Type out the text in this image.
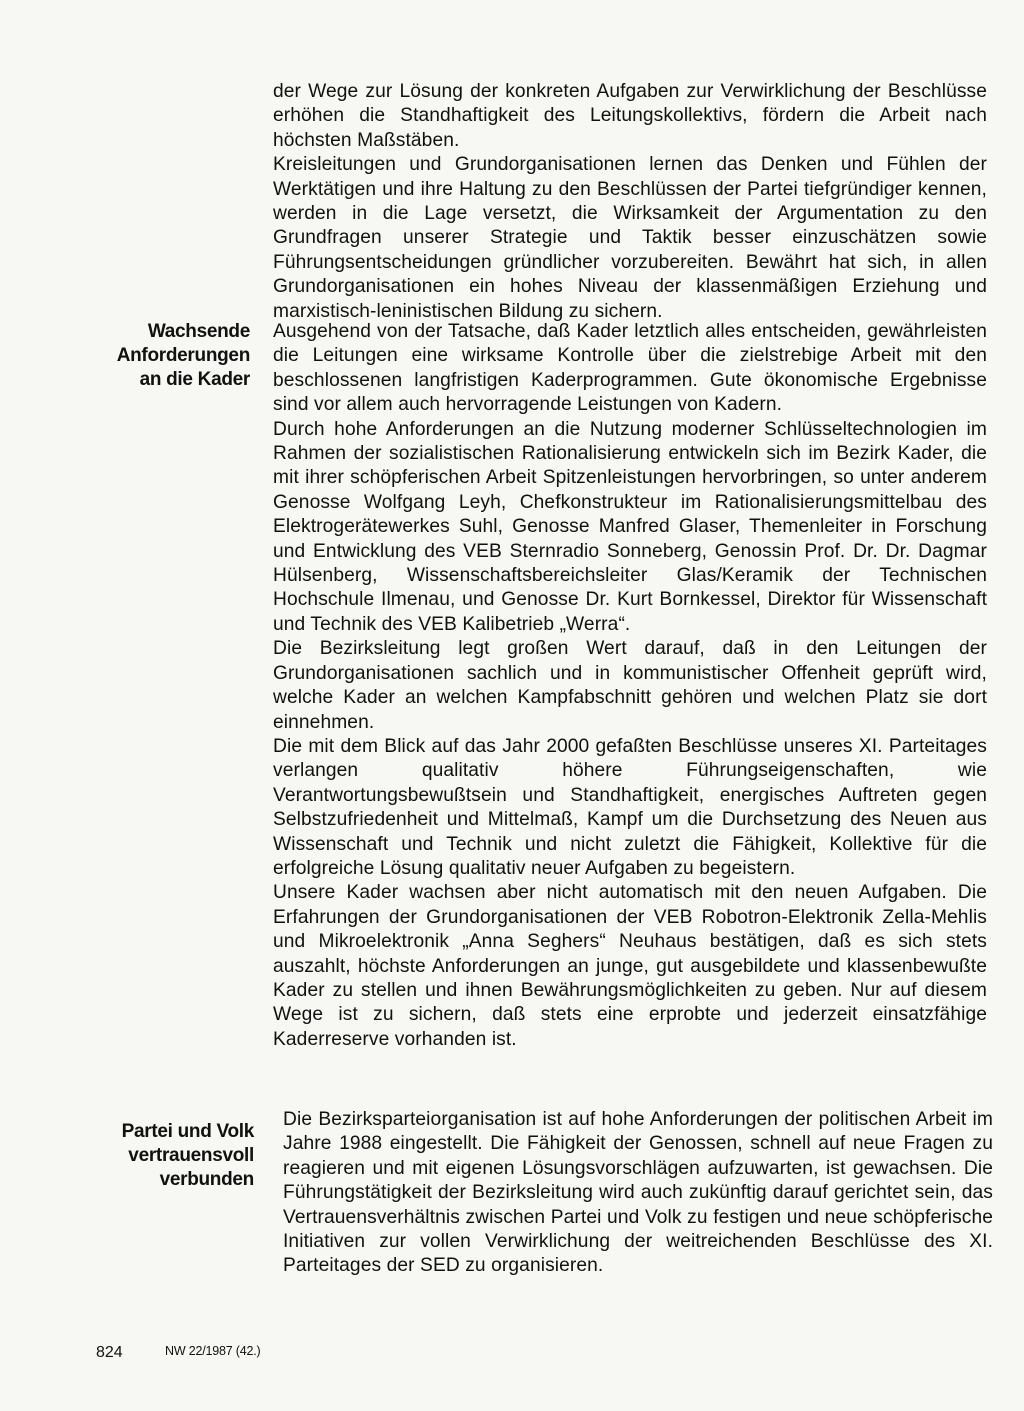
der Wege zur Lösung der konkreten Aufgaben zur Verwirklichung der Beschlüsse erhöhen die Standhaftigkeit des Leitungskollektivs, fördern die Arbeit nach höchsten Maßstäben.

Kreisleitungen und Grundorganisationen lernen das Denken und Fühlen der Werktätigen und ihre Haltung zu den Beschlüssen der Partei tiefgründiger kennen, werden in die Lage versetzt, die Wirksamkeit der Argumentation zu den Grundfragen unserer Strategie und Taktik besser einzuschätzen sowie Führungsentscheidungen gründlicher vorzubereiten. Bewährt hat sich, in allen Grundorganisationen ein hohes Niveau der klassenmäßigen Erziehung und marxistisch-leninistischen Bildung zu sichern.

Wachsende
Anforderungen
an die Kader

Ausgehend von der Tatsache, daß Kader letztlich alles entscheiden, gewährleisten die Leitungen eine wirksame Kontrolle über die zielstrebige Arbeit mit den beschlossenen langfristigen Kaderprogrammen. Gute ökonomische Ergebnisse sind vor allem auch hervorragende Leistungen von Kadern.

Durch hohe Anforderungen an die Nutzung moderner Schlüsseltechnologien im Rahmen der sozialistischen Rationalisierung entwickeln sich im Bezirk Kader, die mit ihrer schöpferischen Arbeit Spitzenleistungen hervorbringen, so unter anderem Genosse Wolfgang Leyh, Chefkonstrukteur im Rationalisierungsmittelbau des Elektrogerätewerkes Suhl, Genosse Manfred Glaser, Themenleiter in Forschung und Entwicklung des VEB Sternradio Sonneberg, Genossin Prof. Dr. Dr. Dagmar Hülsenberg, Wissenschaftsbereichsleiter Glas/Keramik der Technischen Hochschule Ilmenau, und Genosse Dr. Kurt Bornkessel, Direktor für Wissenschaft und Technik des VEB Kalibetrieb „Werra“.

Die Bezirksleitung legt großen Wert darauf, daß in den Leitungen der Grundorganisationen sachlich und in kommunistischer Offenheit geprüft wird, welche Kader an welchen Kampfabschnitt gehören und welchen Platz sie dort einnehmen.

Die mit dem Blick auf das Jahr 2000 gefaßten Beschlüsse unseres XI. Parteitages verlangen qualitativ höhere Führungseigenschaften, wie Verantwortungsbewußtsein und Standhaftigkeit, energisches Auftreten gegen Selbstzufriedenheit und Mittelmaß, Kampf um die Durchsetzung des Neuen aus Wissenschaft und Technik und nicht zuletzt die Fähigkeit, Kollektive für die erfolgreiche Lösung qualitativ neuer Aufgaben zu begeistern.

Unsere Kader wachsen aber nicht automatisch mit den neuen Aufgaben. Die Erfahrungen der Grundorganisationen der VEB Robotron-Elektronik Zella-Mehlis und Mikroelektronik „Anna Seghers“ Neuhaus bestätigen, daß es sich stets auszahlt, höchste Anforderungen an junge, gut ausgebildete und klassenbewußte Kader zu stellen und ihnen Bewährungsmöglichkeiten zu geben. Nur auf diesem Wege ist zu sichern, daß stets eine erprobte und jederzeit einsatzfähige Kaderreserve vorhanden ist.

Partei und Volk
vertrauensvoll
verbunden

Die Bezirksparteiorganisation ist auf hohe Anforderungen der politischen Arbeit im Jahre 1988 eingestellt. Die Fähigkeit der Genossen, schnell auf neue Fragen zu reagieren und mit eigenen Lösungsvorschlägen aufzuwarten, ist gewachsen. Die Führungstätigkeit der Bezirksleitung wird auch zukünftig darauf gerichtet sein, das Vertrauensverhältnis zwischen Partei und Volk zu festigen und neue schöpferische Initiativen zur vollen Verwirklichung der weitreichenden Beschlüsse des XI. Parteitages der SED zu organisieren.

824	NW 22/1987 (42.)
